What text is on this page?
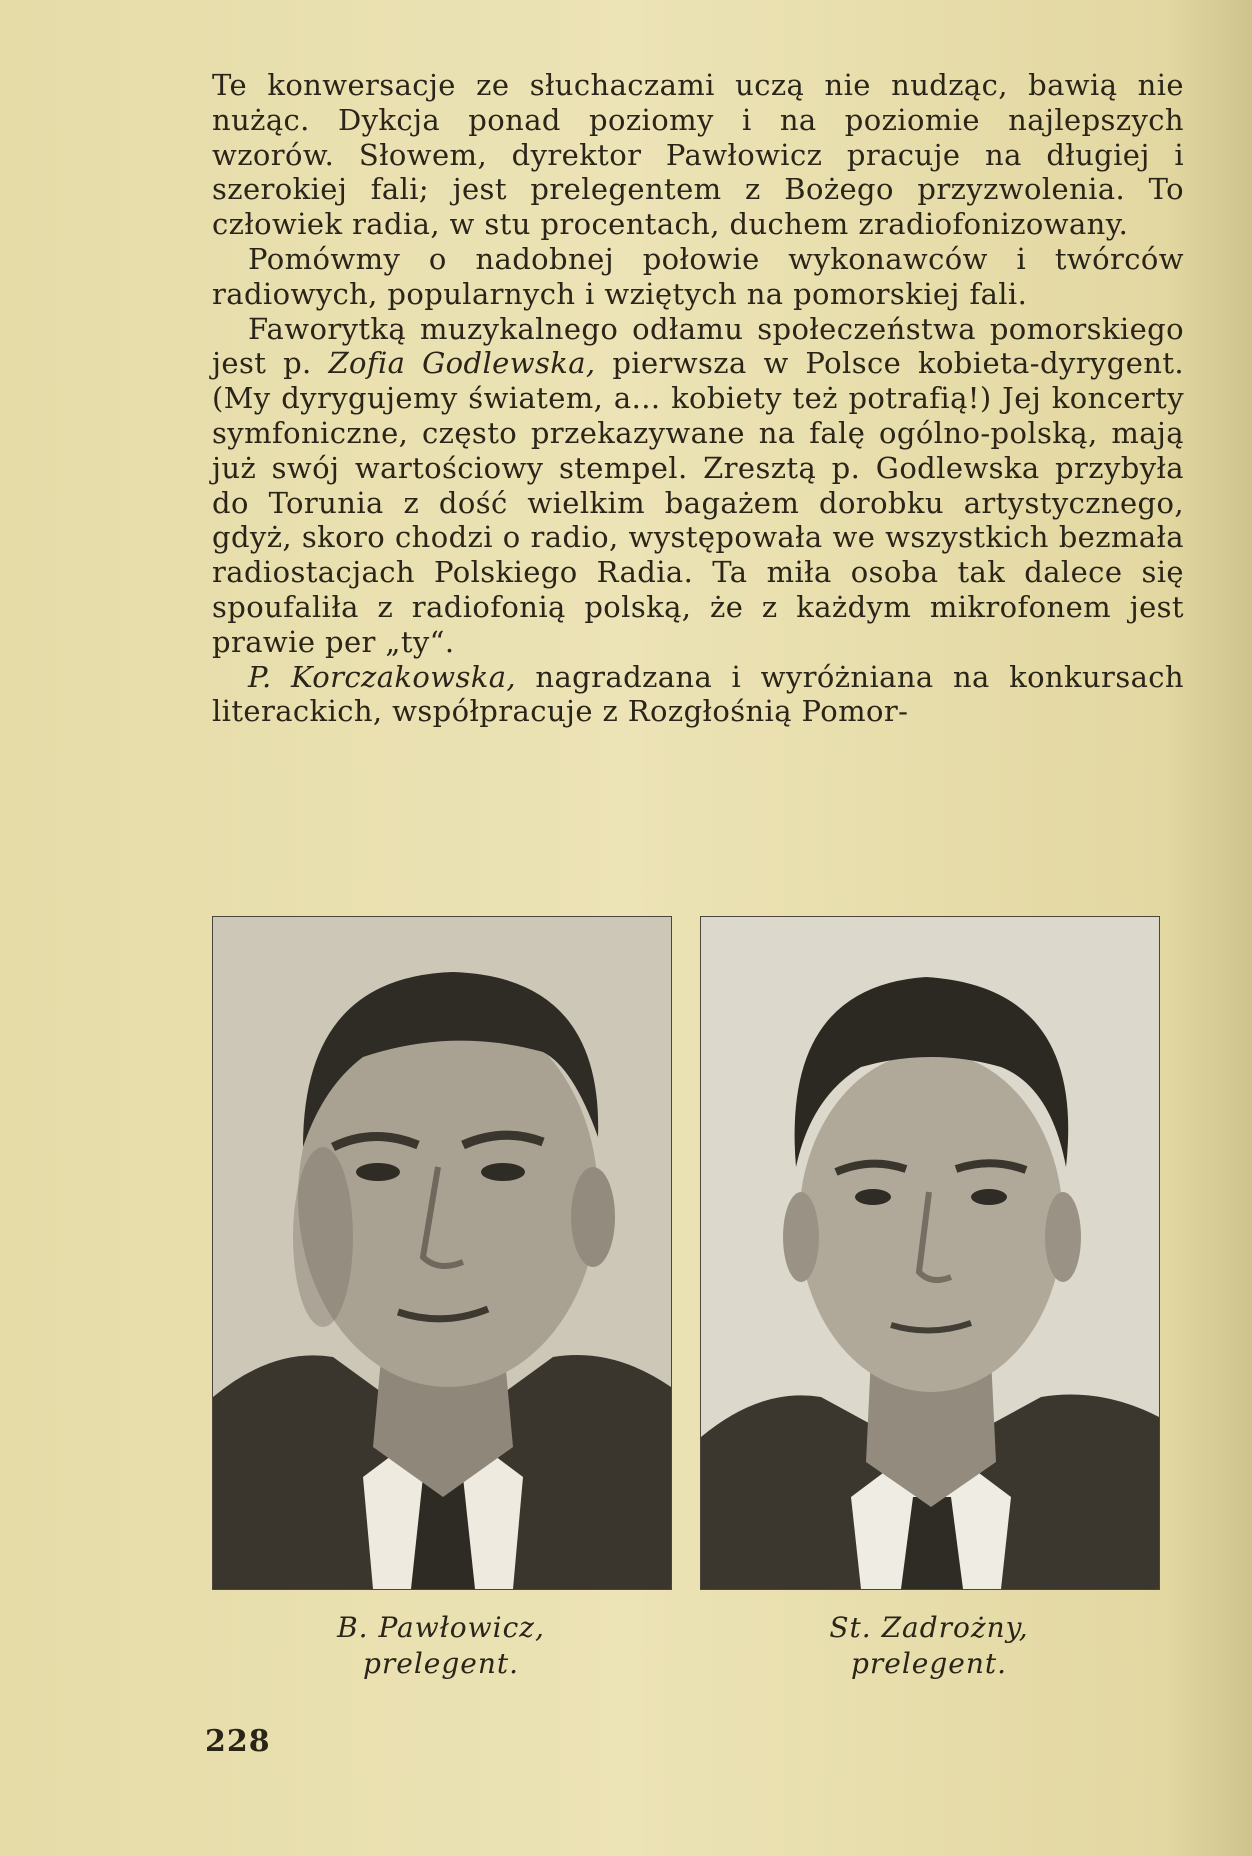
Te konwersacje ze słuchaczami uczą nie nudząc, bawią nie nużąc. Dykcja ponad poziomy i na poziomie najlepszych wzorów. Słowem, dyrektor Pawłowicz pracuje na długiej i szerokiej fali; jest prelegentem z Bożego przyzwolenia. To człowiek radia, w stu procentach, duchem zradiofonizowany.

Pomówmy o nadobnej połowie wykonawców i twórców radiowych, popularnych i wziętych na pomorskiej fali.

Faworytką muzykalnego odłamu społeczeństwa pomorskiego jest p. Zofia Godlewska, pierwsza w Polsce kobieta-dyrygent. (My dyrygujemy światem, a... kobiety też potrafią!) Jej koncerty symfoniczne, często przekazywane na falę ogólno-polską, mają już swój wartościowy stempel. Zresztą p. Godlewska przybyła do Torunia z dość wielkim bagażem dorobku artystycznego, gdyż, skoro chodzi o radio, występowała we wszystkich bezmała radiostacjach Polskiego Radia. Ta miła osoba tak dalece się spoufaliła z radiofonią polską, że z każdym mikrofonem jest prawie per „ty“.

P. Korczakowska, nagradzana i wyróżniana na konkursach literackich, współpracuje z Rozgłośnią Pomor-

B. Pawłowicz,
prelegent.
St. Zadrożny,
prelegent.
228
